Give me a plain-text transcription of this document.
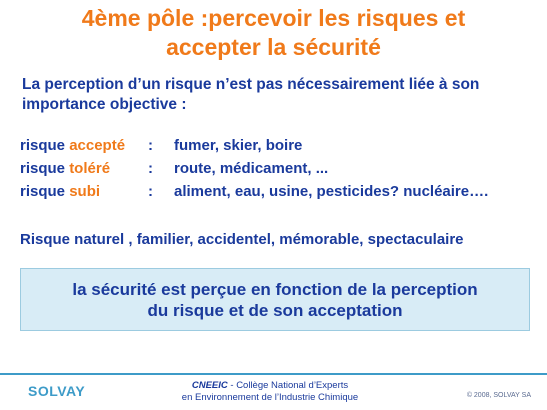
4ème pôle :percevoir les risques et
accepter la sécurité
La perception d’un risque n’est pas nécessairement liée à son
importance objective :
risque accepté : fumer, skier, boire
risque toléré	: route, médicament, ...
risque subi	: aliment, eau, usine, pesticides? nucléaire….
Risque naturel , familier, accidentel, mémorable, spectaculaire
la sécurité est perçue en fonction de la perception
du risque et de son acceptation
SOLVAY	CNEEIC - Collège National d’Experts
en Environnement de l’Industrie Chimique	© 2008, SOLVAY SA
